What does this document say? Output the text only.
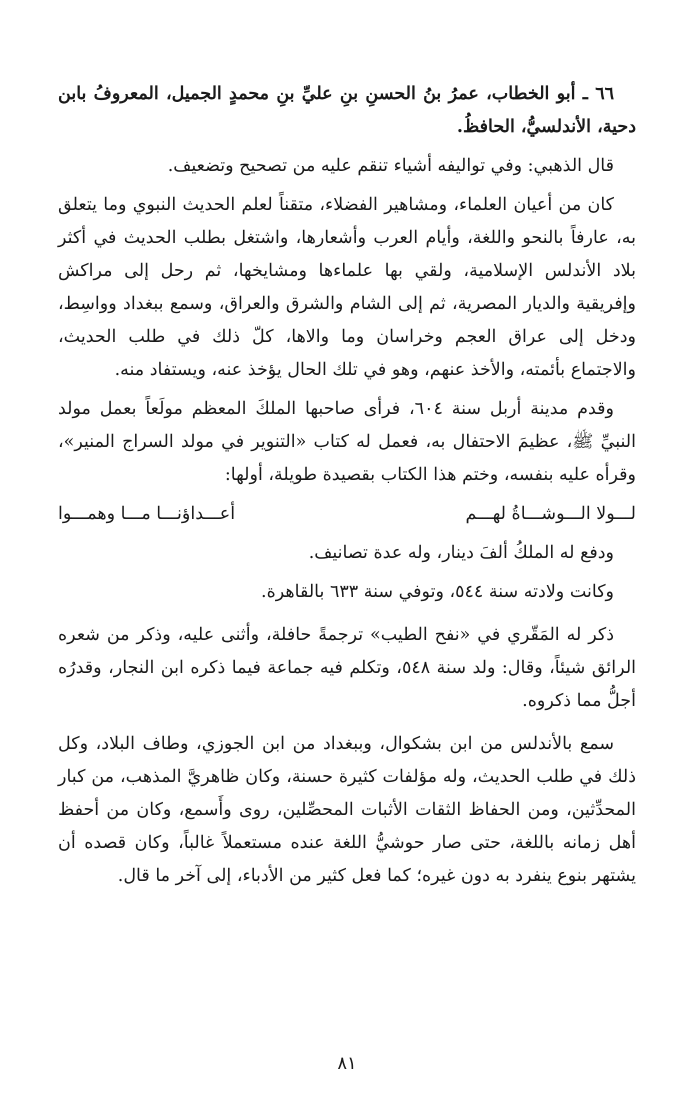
٦٦ ـ أبو الخطاب، عمرُ بنُ الحسنِ بنِ عليِّ بنِ محمدٍ الجميل، المعروفُ بابن دحية، الأندلسيُّ، الحافظُ.

قال الذهبي: وفي تواليفه أشياء تنقم عليه من تصحيح وتضعيف.

كان من أعيان العلماء، ومشاهير الفضلاء، متقناً لعلم الحديث النبوي وما يتعلق به، عارفاً بالنحو واللغة، وأيام العرب وأشعارها، واشتغل بطلب الحديث في أكثر بلاد الأندلس الإسلامية، ولقي بها علماءها ومشايخها، ثم رحل إلى مراكش وإفريقية والديار المصرية، ثم إلى الشام والشرق والعراق، وسمع ببغداد وواسِط، ودخل إلى عراق العجم وخراسان وما والاها، كلّ ذلك في طلب الحديث، والاجتماع بأئمته، والأخذ عنهم، وهو في تلك الحال يؤخذ عنه، ويستفاد منه.

وقدم مدينة أربل سنة ٦٠٤، فرأى صاحبها الملكَ المعظم مولَعاً بعمل مولد النبيِّ ﷺ، عظيمَ الاحتفال به، فعمل له كتاب «التنوير في مولد السراج المنير»، وقرأه عليه بنفسه، وختم هذا الكتاب بقصيدة طويلة، أولها:

لـــولا الـــوشـــاةُ لهـــم
أعـــداؤنـــا مـــا وهمـــوا

ودفع له الملكُ ألفَ دينار، وله عدة تصانيف.

وكانت ولادته سنة ٥٤٤، وتوفي سنة ٦٣٣ بالقاهرة.

ذكر له المَقّري في «نفح الطيب» ترجمةً حافلة، وأثنى عليه، وذكر من شعره الرائق شيئاً، وقال: ولد سنة ٥٤٨، وتكلم فيه جماعة فيما ذكره ابن النجار، وقدرُه أجلُّ مما ذكروه.

سمع بالأندلس من ابن بشكوال، وببغداد من ابن الجوزي، وطاف البلاد، وكل ذلك في طلب الحديث، وله مؤلفات كثيرة حسنة، وكان ظاهريَّ المذهب، من كبار المحدِّثين، ومن الحفاظ الثقات الأثبات المحصِّلين، روى وأَسمع، وكان من أحفظ أهل زمانه باللغة، حتى صار حوشيُّ اللغة عنده مستعملاً غالباً، وكان قصده أن يشتهر بنوع ينفرد به دون غيره؛ كما فعل كثير من الأدباء، إلى آخر ما قال.

٨١
